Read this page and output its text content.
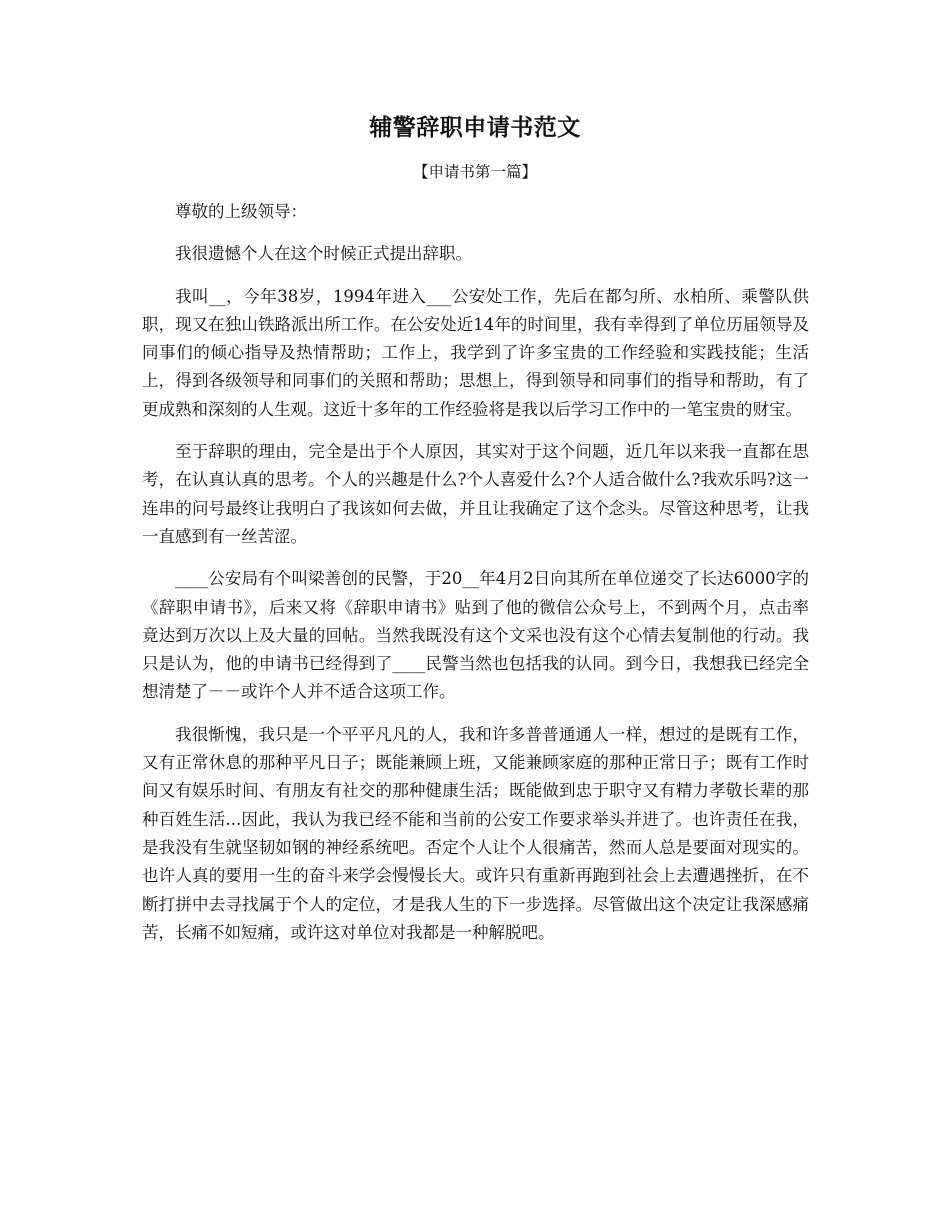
辅警辞职申请书范文
【申请书第一篇】

尊敬的上级领导：

我很遗憾个人在这个时候正式提出辞职。

我叫__，今年38岁，1994年进入___公安处工作，先后在都匀所、水柏所、乘警队供职，现又在独山铁路派出所工作。在公安处近14年的时间里，我有幸得到了单位历届领导及同事们的倾心指导及热情帮助；工作上，我学到了许多宝贵的工作经验和实践技能；生活上，得到各级领导和同事们的关照和帮助；思想上，得到领导和同事们的指导和帮助，有了更成熟和深刻的人生观。这近十多年的工作经验将是我以后学习工作中的一笔宝贵的财宝。

至于辞职的理由，完全是出于个人原因，其实对于这个问题，近几年以来我一直都在思考，在认真认真的思考。个人的兴趣是什么?个人喜爱什么?个人适合做什么?我欢乐吗?这一连串的问号最终让我明白了我该如何去做，并且让我确定了这个念头。尽管这种思考，让我一直感到有一丝苦涩。

____公安局有个叫梁善创的民警，于20__年4月2日向其所在单位递交了长达6000字的《辞职申请书》，后来又将《辞职申请书》贴到了他的微信公众号上，不到两个月，点击率竟达到万次以上及大量的回帖。当然我既没有这个文采也没有这个心情去复制他的行动。我只是认为，他的申请书已经得到了____民警当然也包括我的认同。到今日，我想我已经完全想清楚了－－或许个人并不适合这项工作。

我很惭愧，我只是一个平平凡凡的人，我和许多普普通通人一样，想过的是既有工作，又有正常休息的那种平凡日子；既能兼顾上班，又能兼顾家庭的那种正常日子；既有工作时间又有娱乐时间、有朋友有社交的那种健康生活；既能做到忠于职守又有精力孝敬长辈的那种百姓生活...因此，我认为我已经不能和当前的公安工作要求举头并进了。也许责任在我，是我没有生就坚韧如钢的神经系统吧。否定个人让个人很痛苦，然而人总是要面对现实的。也许人真的要用一生的奋斗来学会慢慢长大。或许只有重新再跑到社会上去遭遇挫折，在不断打拼中去寻找属于个人的定位，才是我人生的下一步选择。尽管做出这个决定让我深感痛苦，长痛不如短痛，或许这对单位对我都是一种解脱吧。
